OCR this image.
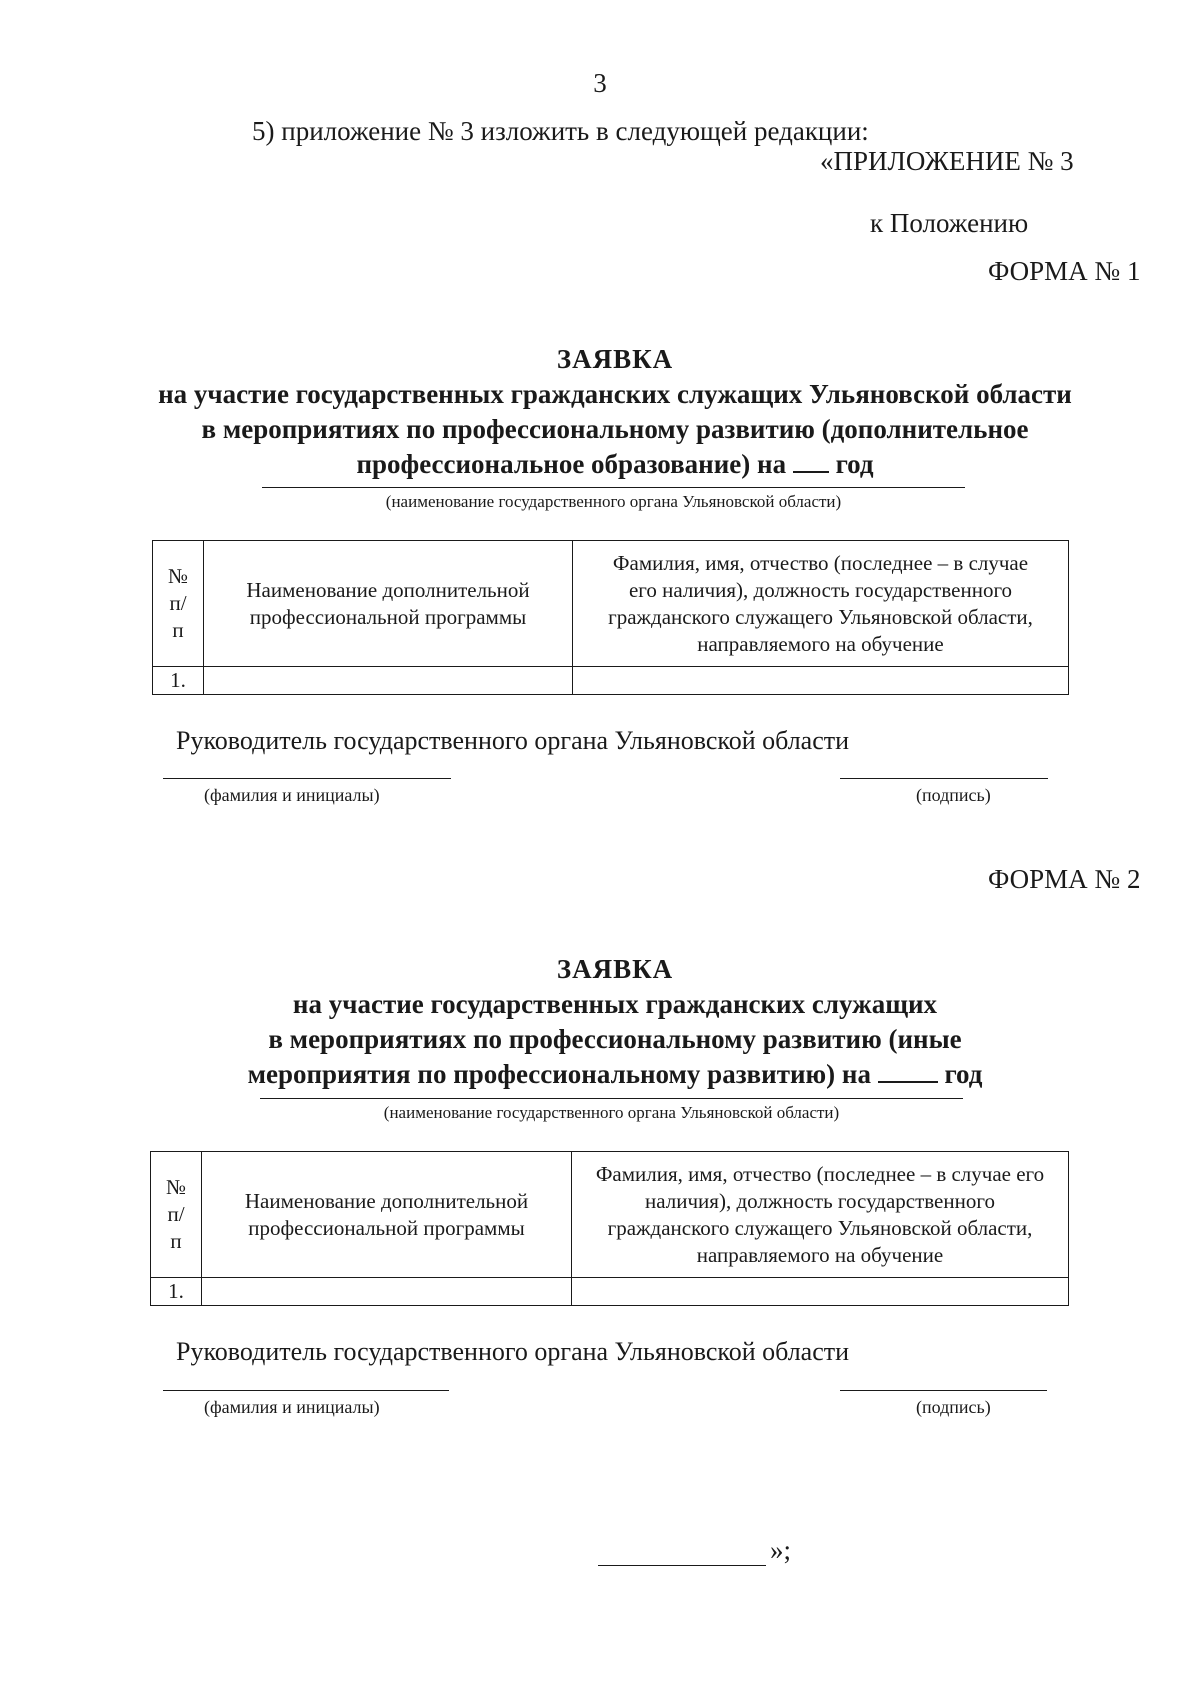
3
5) приложение № 3 изложить в следующей редакции:
«ПРИЛОЖЕНИЕ № 3
к Положению
ФОРМА № 1
ЗАЯВКА
на участие государственных гражданских служащих Ульяновской области
в мероприятиях по профессиональному развитию (дополнительное
профессиональное образование) на год
(наименование государственного органа Ульяновской области)
№ п/п	Наименование дополнительной профессиональной программы	Фамилия, имя, отчество (последнее – в случае его наличия), должность государственного гражданского служащего Ульяновской области, направляемого на обучение
1.		
Руководитель государственного органа Ульяновской области
(фамилия и инициалы)	(подпись)
ФОРМА № 2
ЗАЯВКА
на участие государственных гражданских служащих
в мероприятиях по профессиональному развитию (иные
мероприятия по профессиональному развитию) на	год
(наименование государственного органа Ульяновской области)
№ п/п	Наименование дополнительной профессиональной программы	Фамилия, имя, отчество (последнее – в случае его наличия), должность государственного гражданского служащего Ульяновской области, направляемого на обучение
1.		
Руководитель государственного органа Ульяновской области
(фамилия и инициалы)	(подпись)
»;
